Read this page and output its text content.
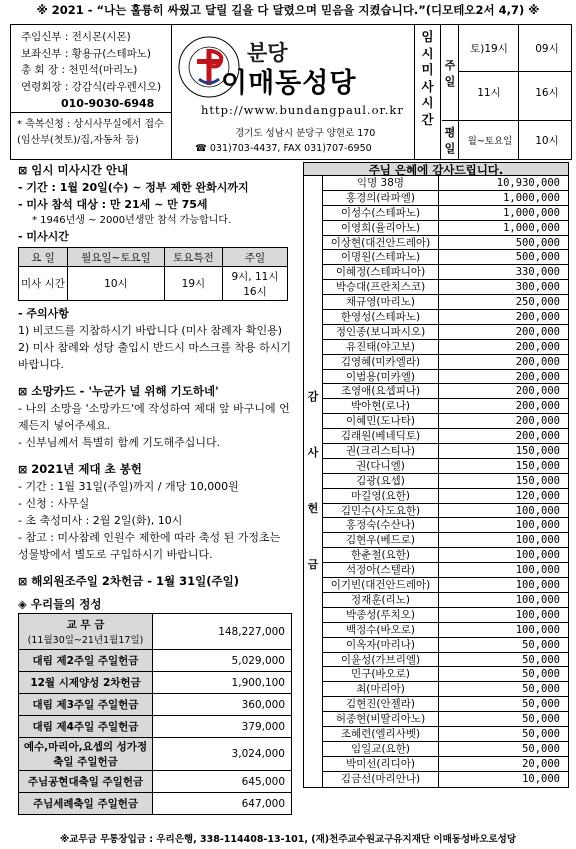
※ 2021 - “나는 훌륭히 싸웠고 달릴 길을 다 달렸으며 믿음을 지켰습니다.”(디모테오2서 4,7) ※
주임신부 : 전시몬(시몬)
보좌신부 : 황용규(스테파노)
총 회 장 : 천민석(마리노)
연령회장 : 강감식(라우렌시오)
010-9030-6948
* 축복신청 : 상시사무실에서 접수
(임산부(첫토)/집,자동차 등)
분당
이매동성당
http://www.bundangpaul.or.kr
경기도 성남시 분당구 양현로 170
☎ 031)703-4437, FAX 031)707-6950
임
시
미
사
시
간
주
일
토)19시	09시
11시	16시
평
일
월~토요일	10시
⊠ 임시 미사시간 안내
- 기간 : 1월 20일(수) ~ 정부 제한 완화시까지
- 미사 참석 대상 : 만 21세 ~ 만 75세
* 1946년생 ~ 2000년생만 참석 가능합니다.
- 미사시간
요 일	월요일~토요일	토요특전	주일
미사 시간	10시	19시	9시, 11시 16시
- 주의사항
1) 비코드를 지참하시기 바랍니다 (미사 참례자 확인용)
2) 미사 참례와 성당 출입시 반드시 마스크를 착용 하시기 바랍니다.
⊠ 소망카드 - '누군가 널 위해 기도하네'
- 나의 소망을 '소망카드'에 작성하여 제대 앞 바구니에 언제든지 넣어주세요.
- 신부님께서 특별히 함께 기도해주십니다.
⊠ 2021년 제대 초 봉헌
- 기간 : 1월 31일(주일)까지 / 개당 10,000원
- 신청 : 사무실
- 초 축성미사 : 2월 2일(화), 10시
- 참고 : 미사참례 인원수 제한에 따라 축성 된 가정초는 성물방에서 별도로 구입하시기 바랍니다.
⊠ 해외원조주일 2차헌금 - 1월 31일(주일)
◈ 우리들의 정성
교 무 금
(11월30일~21년1월17일)	148,227,000
대림 제2주일 주일헌금	5,029,000
12월 시제양성 2차헌금	1,900,100
대림 제3주일 주일헌금	360,000
대림 제4주일 주일헌금	379,000
예수,마리아,요셉의 성가정축일 주일헌금	3,024,000
주님공현대축일 주일헌금	645,000
주님세례축일 주일헌금	647,000
주님 은혜에 감사드립니다.
감
사
헌
금
익명 38명	10,930,000
홍경의(라파엘)	1,000,000
이성수(스테파노)	1,000,000
이영희(율리아노)	1,000,000
이상현(대건안드레아)	500,000
이명원(스테파노)	500,000
이혜정(스테파니아)	330,000
박승대(프란치스코)	300,000
채규영(마리노)	250,000
한영성(스테파노)	200,000
정인종(보니파시오)	200,000
유진태(야고보)	200,000
김영혜(미카엘라)	200,000
이범용(미카엘)	200,000
조영애(요셉피나)	200,000
박아현(로나)	200,000
이혜민(도나타)	200,000
김래원(베네딕토)	200,000
권(크리스티나)	150,000
권(다니엘)	150,000
김광(요셉)	150,000
마길영(요한)	120,000
김민수(사도요한)	100,000
홍정숙(수산나)	100,000
김현우(베드로)	100,000
한춘철(요한)	100,000
석정아(스텔라)	100,000
이기빈(대건안드레아)	100,000
정재훈(리노)	100,000
박종성(루치오)	100,000
백정수(바오로)	100,000
이옥자(마리나)	50,000
이윤성(가브리엘)	50,000
민구(바오로)	50,000
최(마리아)	50,000
김현진(안젤라)	50,000
허종현(비딸리아노)	50,000
조혜련(엘리사벳)	50,000
임일교(요한)	50,000
박미선(리디아)	20,000
김금선(마리안나)	10,000
※교무금 무통장입금 : 우리은행, 338-114408-13-101, (재)천주교수원교구유지재단 이매동성바오로성당
